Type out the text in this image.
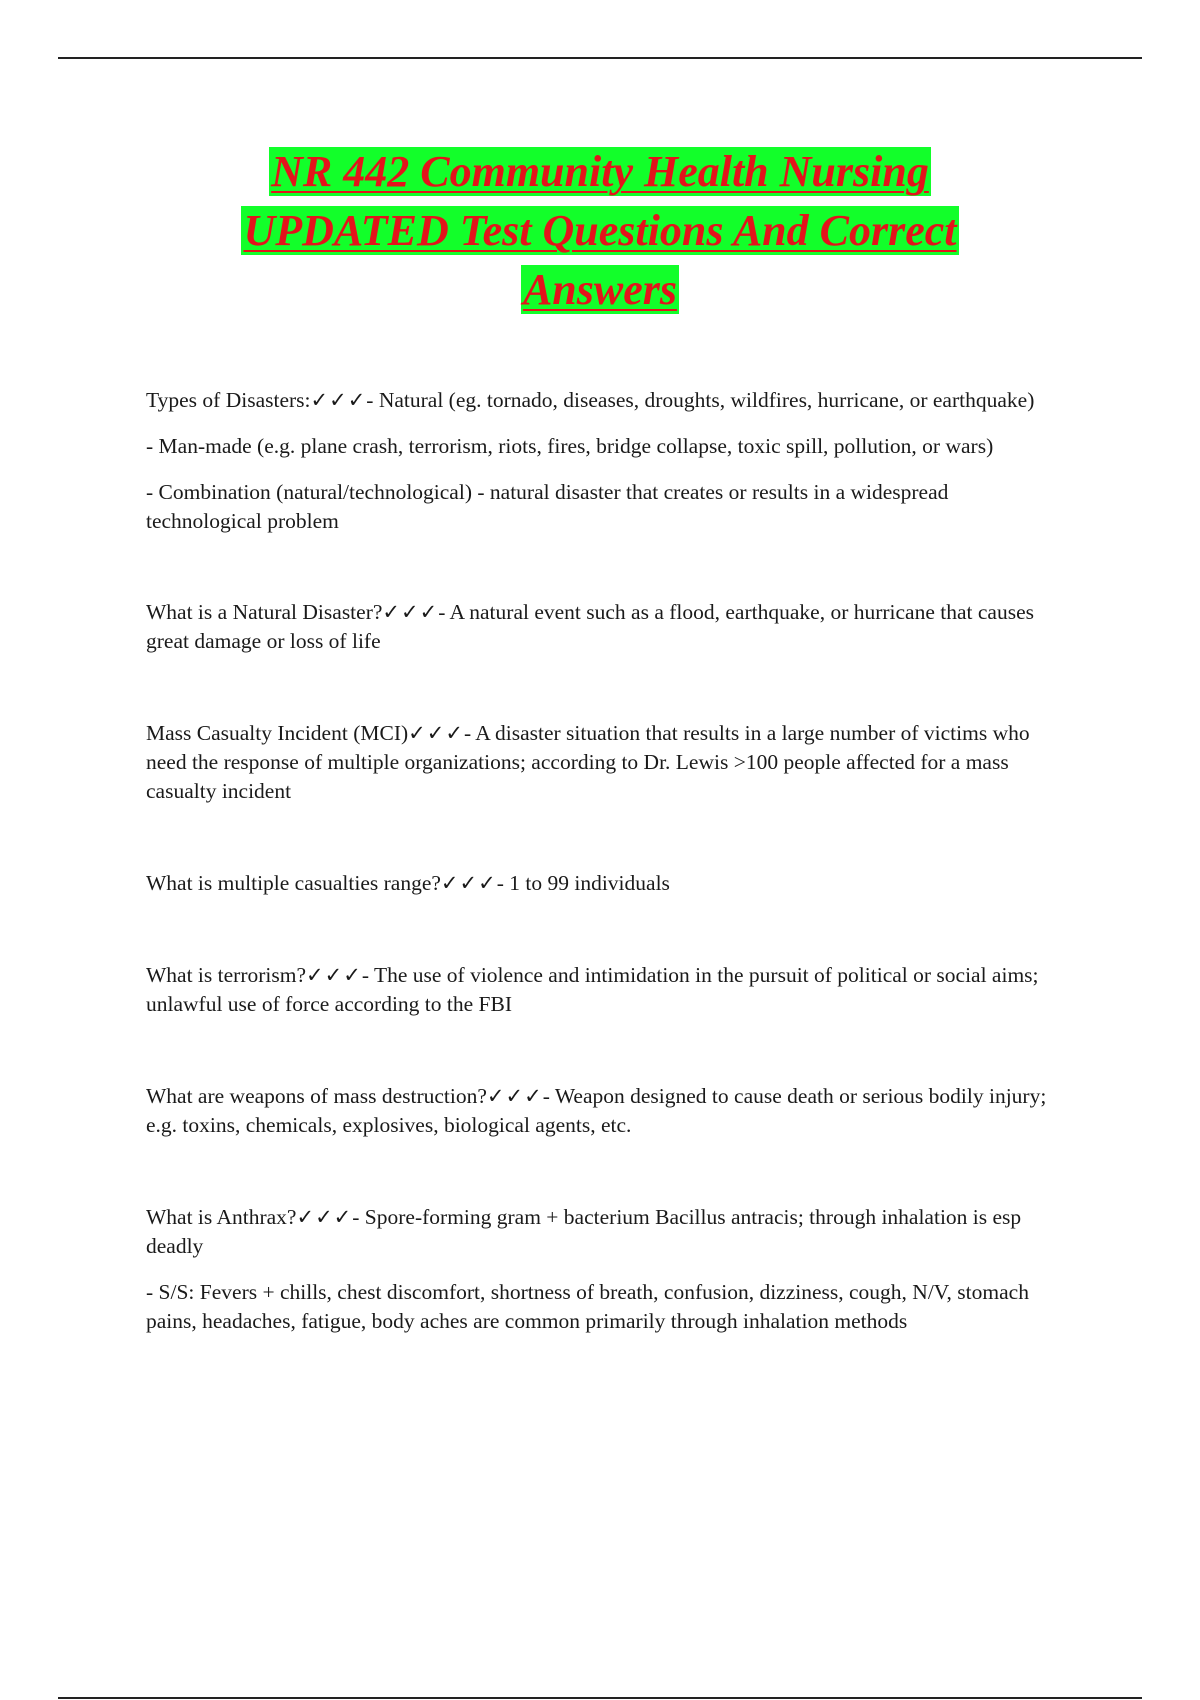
NR 442 Community Health Nursing
UPDATED Test Questions And Correct
Answers

Types of Disasters:✓✓✓- Natural (eg. tornado, diseases, droughts, wildfires, hurricane, or earthquake)

- Man-made (e.g. plane crash, terrorism, riots, fires, bridge collapse, toxic spill, pollution, or wars)

- Combination (natural/technological) - natural disaster that creates or results in a widespread technological problem

What is a Natural Disaster?✓✓✓- A natural event such as a flood, earthquake, or hurricane that causes great damage or loss of life

Mass Casualty Incident (MCI)✓✓✓- A disaster situation that results in a large number of victims who need the response of multiple organizations; according to Dr. Lewis >100 people affected for a mass casualty incident

What is multiple casualties range?✓✓✓- 1 to 99 individuals

What is terrorism?✓✓✓- The use of violence and intimidation in the pursuit of political or social aims; unlawful use of force according to the FBI

What are weapons of mass destruction?✓✓✓- Weapon designed to cause death or serious bodily injury; e.g. toxins, chemicals, explosives, biological agents, etc.

What is Anthrax?✓✓✓- Spore-forming gram + bacterium Bacillus antracis; through inhalation is esp deadly

- S/S: Fevers + chills, chest discomfort, shortness of breath, confusion, dizziness, cough, N/V, stomach pains, headaches, fatigue, body aches are common primarily through inhalation methods
